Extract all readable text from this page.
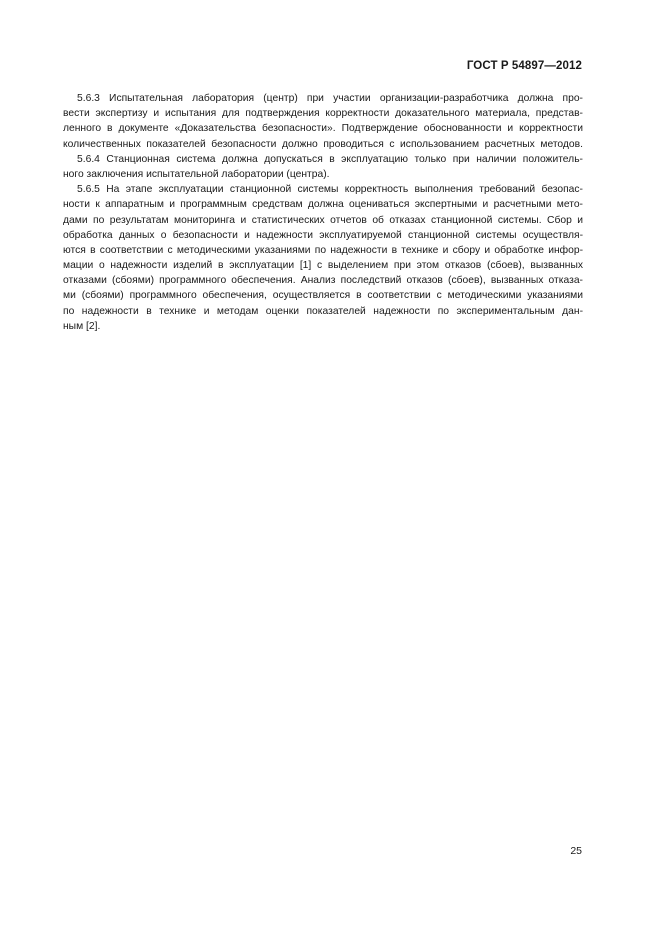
ГОСТ Р 54897—2012
5.6.3 Испытательная лаборатория (центр) при участии организации-разработчика должна про-
вести экспертизу и испытания для подтверждения корректности доказательного материала, представ-
ленного в документе «Доказательства безопасности». Подтверждение обоснованности и корректности
количественных показателей безопасности должно проводиться с использованием расчетных методов.
5.6.4 Станционная система должна допускаться в эксплуатацию только при наличии положитель-
ного заключения испытательной лаборатории (центра).
5.6.5 На этапе эксплуатации станционной системы корректность выполнения требований безопас-
ности к аппаратным и программным средствам должна оцениваться экспертными и расчетными мето-
дами по результатам мониторинга и статистических отчетов об отказах станционной системы. Сбор и
обработка данных о безопасности и надежности эксплуатируемой станционной системы осуществля-
ются в соответствии с методическими указаниями по надежности в технике и сбору и обработке инфор-
мации о надежности изделий в эксплуатации [1] с выделением при этом отказов (сбоев), вызванных
отказами (сбоями) программного обеспечения. Анализ последствий отказов (сбоев), вызванных отказа-
ми (сбоями) программного обеспечения, осуществляется в соответствии с методическими указаниями
по надежности в технике и методам оценки показателей надежности по экспериментальным дан-
ным [2].
25
